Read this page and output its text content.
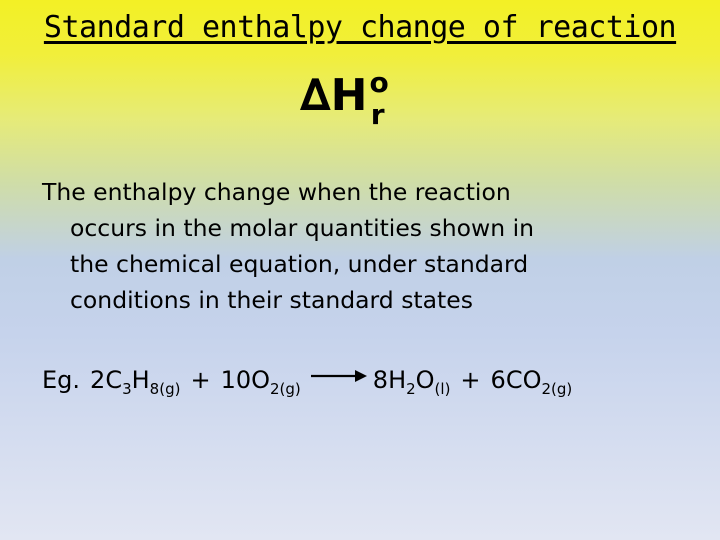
Standard enthalpy change of reaction
$\Delta H^o_r$

The enthalpy change when the reaction
occurs in the molar quantities shown in
the chemical equation, under standard
conditions in their standard states

Eg. $2C_3H_{8(g)} + 10O_{2(g)} \to 8H_2O_{(l)} + 6CO_{2(g)}$
